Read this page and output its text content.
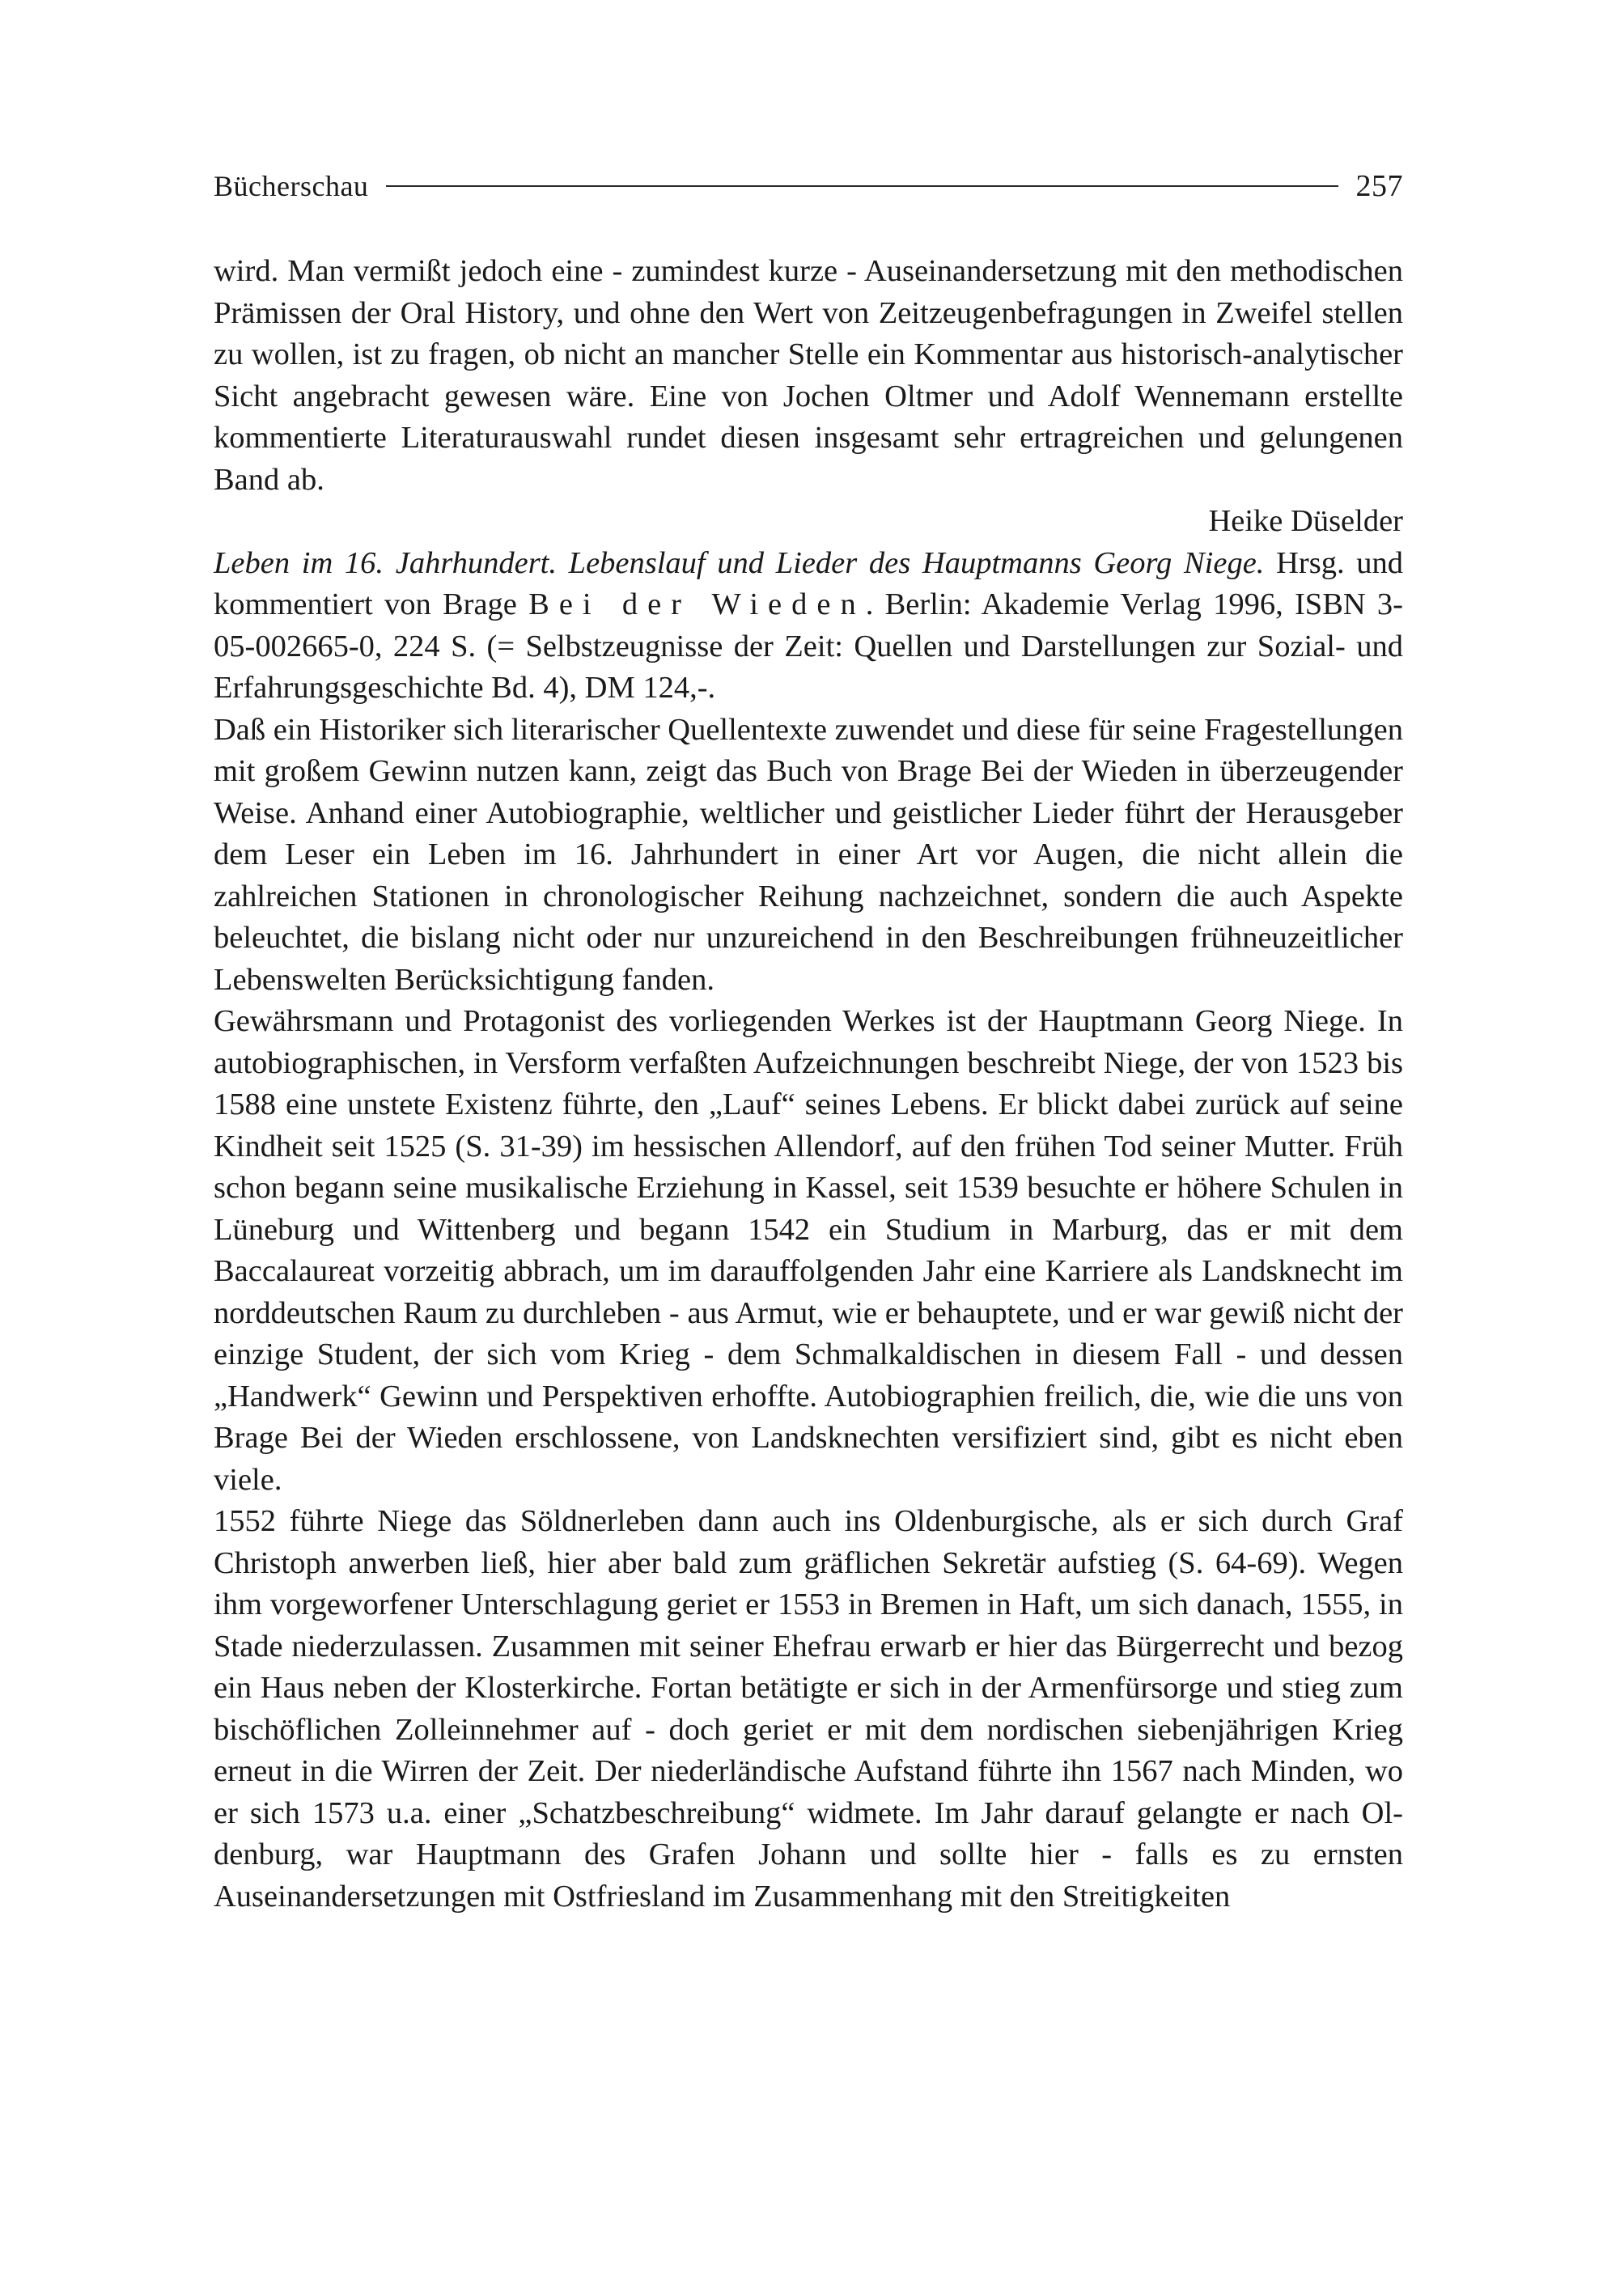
Bücherschau	257

wird. Man vermißt jedoch eine - zumindest kurze - Auseinandersetzung mit den methodischen Prämissen der Oral History, und ohne den Wert von Zeitzeugenbefragungen in Zweifel stellen zu wollen, ist zu fragen, ob nicht an mancher Stelle ein Kommentar aus historisch-analytischer Sicht angebracht gewesen wäre. Eine von Jochen Oltmer und Adolf Wennemann erstellte kommentierte Literaturauswahl rundet diesen insgesamt sehr ertragreichen und gelungenen Band ab.

Heike Düselder

Leben im 16. Jahrhundert. Lebenslauf und Lieder des Hauptmanns Georg Niege. Hrsg. und kommentiert von Brage Bei der Wieden. Berlin: Akademie Verlag 1996, ISBN 3-05-002665-0, 224 S. (= Selbstzeugnisse der Zeit: Quellen und Darstellungen zur Sozial- und Erfahrungsgeschichte Bd. 4), DM 124,-.

Daß ein Historiker sich literarischer Quellentexte zuwendet und diese für seine Fragestellungen mit großem Gewinn nutzen kann, zeigt das Buch von Brage Bei der Wieden in überzeugender Weise. Anhand einer Autobiographie, weltlicher und geistlicher Lieder führt der Herausgeber dem Leser ein Leben im 16. Jahrhundert in einer Art vor Augen, die nicht allein die zahlreichen Stationen in chronologischer Reihung nachzeichnet, sondern die auch Aspekte beleuchtet, die bislang nicht oder nur unzureichend in den Beschreibungen frühneuzeitlicher Lebenswelten Berücksichtigung fanden.

Gewährsmann und Protagonist des vorliegenden Werkes ist der Hauptmann Georg Niege. In autobiographischen, in Versform verfaßten Aufzeichnungen beschreibt Niege, der von 1523 bis 1588 eine unstete Existenz führte, den „Lauf“ seines Lebens. Er blickt dabei zurück auf seine Kindheit seit 1525 (S. 31-39) im hessischen Allendorf, auf den frühen Tod seiner Mutter. Früh schon begann seine musikalische Erziehung in Kassel, seit 1539 besuchte er höhere Schulen in Lüneburg und Wittenberg und begann 1542 ein Studium in Marburg, das er mit dem Baccalaureat vorzeitig abbrach, um im darauffolgenden Jahr eine Karriere als Landsknecht im norddeutschen Raum zu durchleben - aus Armut, wie er behauptete, und er war gewiß nicht der einzige Student, der sich vom Krieg - dem Schmalkaldischen in diesem Fall - und dessen „Handwerk“ Gewinn und Perspektiven erhoffte. Autobiographien freilich, die, wie die uns von Brage Bei der Wieden erschlossene, von Landsknechten versifiziert sind, gibt es nicht eben viele.

1552 führte Niege das Söldnerleben dann auch ins Oldenburgische, als er sich durch Graf Christoph anwerben ließ, hier aber bald zum gräflichen Sekretär aufstieg (S. 64-69). Wegen ihm vorgeworfener Unterschlagung geriet er 1553 in Bremen in Haft, um sich danach, 1555, in Stade niederzulassen. Zusammen mit seiner Ehefrau erwarb er hier das Bürgerrecht und bezog ein Haus neben der Klosterkirche. Fortan betätigte er sich in der Armenfürsorge und stieg zum bischöflichen Zolleinnehmer auf - doch geriet er mit dem nordischen siebenjährigen Krieg erneut in die Wirren der Zeit. Der niederländische Aufstand führte ihn 1567 nach Minden, wo er sich 1573 u.a. einer „Schatzbeschreibung“ widmete. Im Jahr darauf gelangte er nach Oldenburg, war Hauptmann des Grafen Johann und sollte hier - falls es zu ernsten Auseinandersetzungen mit Ostfriesland im Zusammenhang mit den Streitigkeiten
